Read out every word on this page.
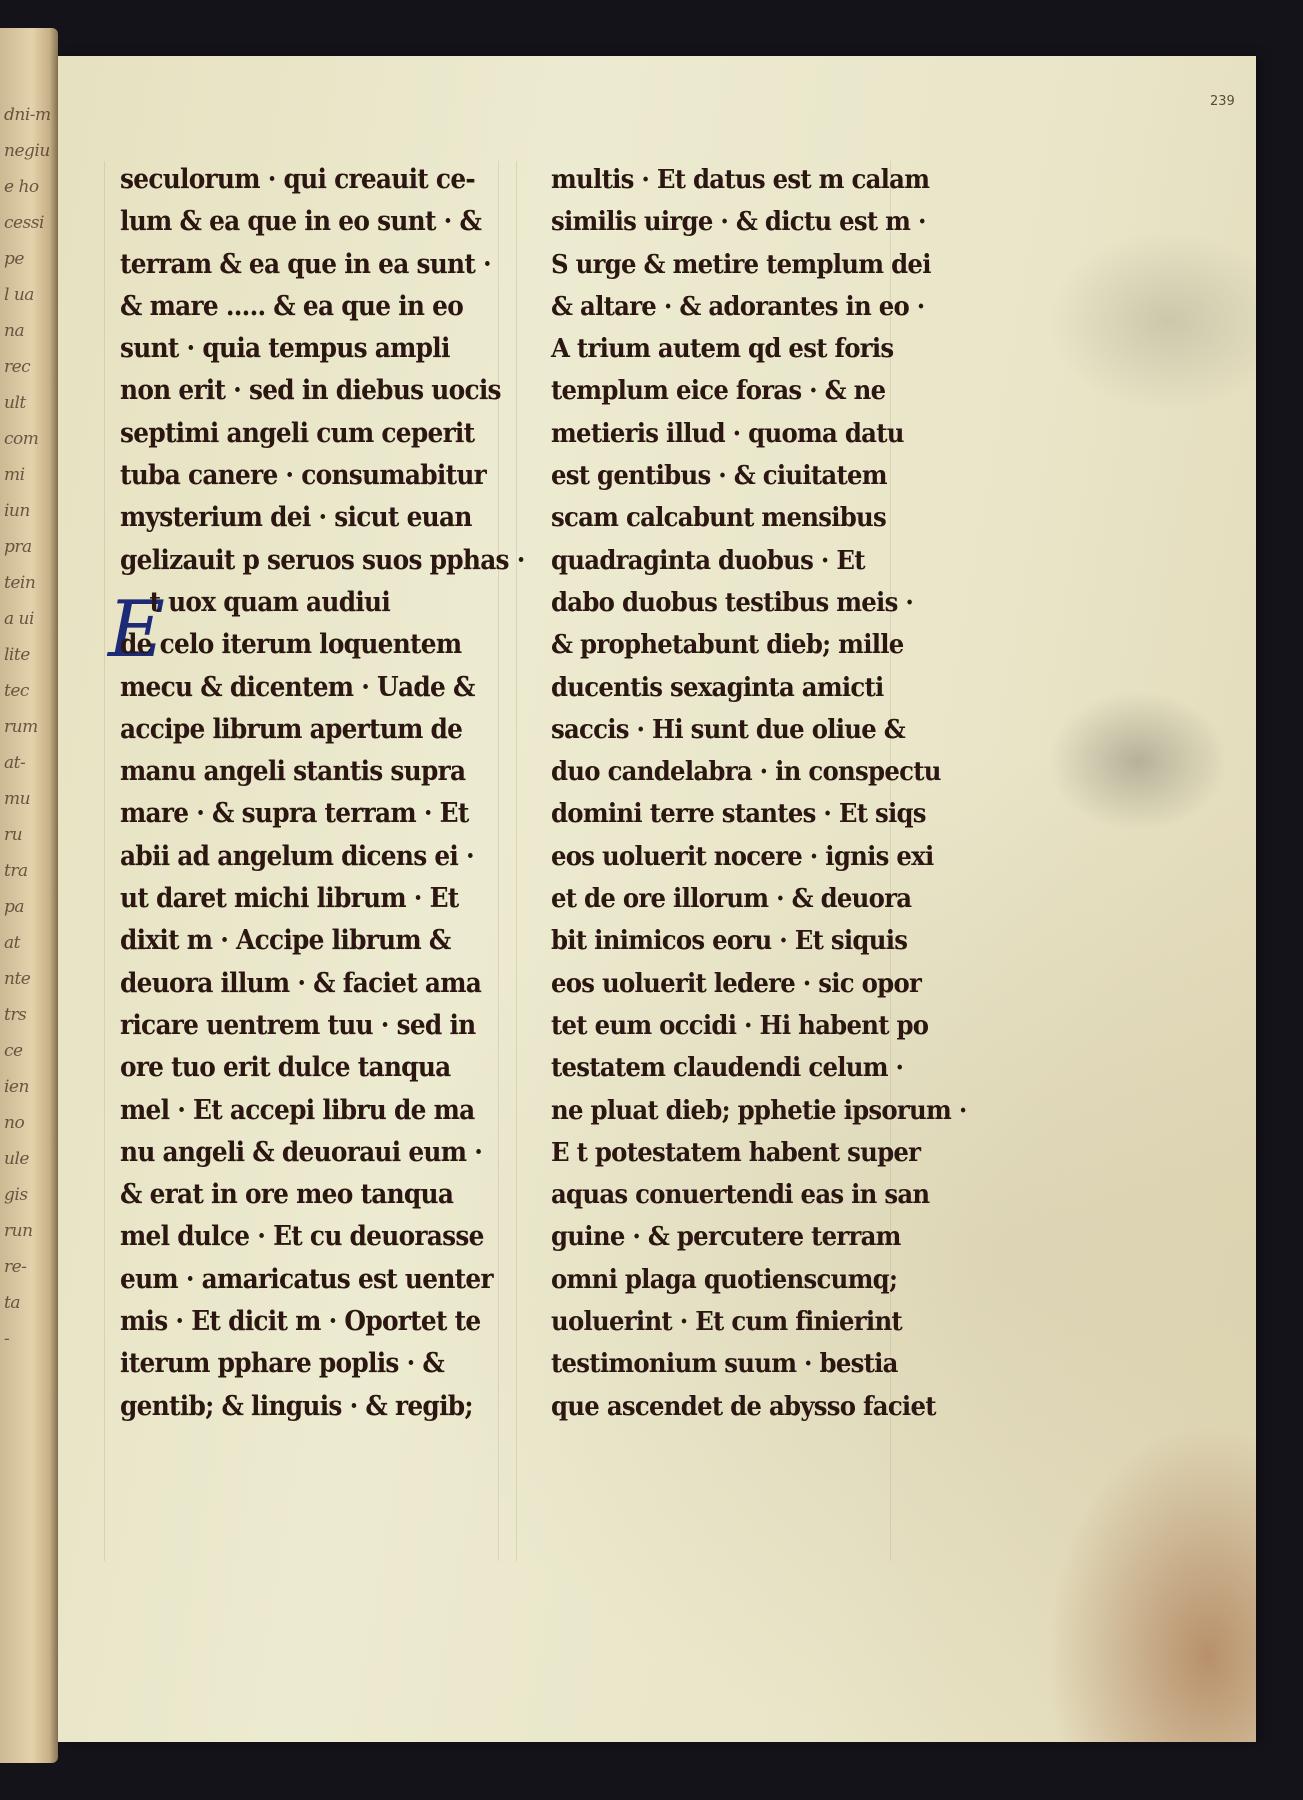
dni-m
negiu
e ho
cessi
pe
l ua
na
rec
ult
com
mi
iun
pra
tein
a ui
lite
tec
rum
at-
mu
ru
tra
pa
at
nte
trs
ce
ien
no
ule
gis
run
re-
ta
-
239
E
seculorum · qui creauit ce-
lum & ea que in eo sunt · &
terram & ea que in ea sunt ·
& mare ..... & ea que in eo
sunt · quia tempus ampli
non erit · sed in diebus uocis
septimi angeli cum ceperit
tuba canere · consumabitur
mysterium dei · sicut euan
gelizauit p seruos suos pphas ·
t uox quam audiui
de celo iterum loquentem
mecu & dicentem · Uade &
accipe librum apertum de
manu angeli stantis supra
mare · & supra terram · Et
abii ad angelum dicens ei ·
ut daret michi librum · Et
dixit m · Accipe librum &
deuora illum · & faciet ama
ricare uentrem tuu · sed in
ore tuo erit dulce tanqua
mel · Et accepi libru de ma
nu angeli & deuoraui eum ·
& erat in ore meo tanqua
mel dulce · Et cu deuorasse
eum · amaricatus est uenter
mis · Et dicit m · Oportet te
iterum pphare poplis · &
gentib; & linguis · & regib;
multis · Et datus est m calam
similis uirge · & dictu est m ·
S urge & metire templum dei
& altare · & adorantes in eo ·
A trium autem qd est foris
templum eice foras · & ne
metieris illud · quoma datu
est gentibus · & ciuitatem
scam calcabunt mensibus
quadraginta duobus · Et
dabo duobus testibus meis ·
& prophetabunt dieb; mille
ducentis sexaginta amicti
saccis · Hi sunt due oliue &
duo candelabra · in conspectu
domini terre stantes · Et siqs
eos uoluerit nocere · ignis exi
et de ore illorum · & deuora
bit inimicos eoru · Et siquis
eos uoluerit ledere · sic opor
tet eum occidi · Hi habent po
testatem claudendi celum ·
ne pluat dieb; pphetie ipsorum ·
E t potestatem habent super
aquas conuertendi eas in san
guine · & percutere terram
omni plaga quotienscumq;
uoluerint · Et cum finierint
testimonium suum · bestia
que ascendet de abysso faciet
